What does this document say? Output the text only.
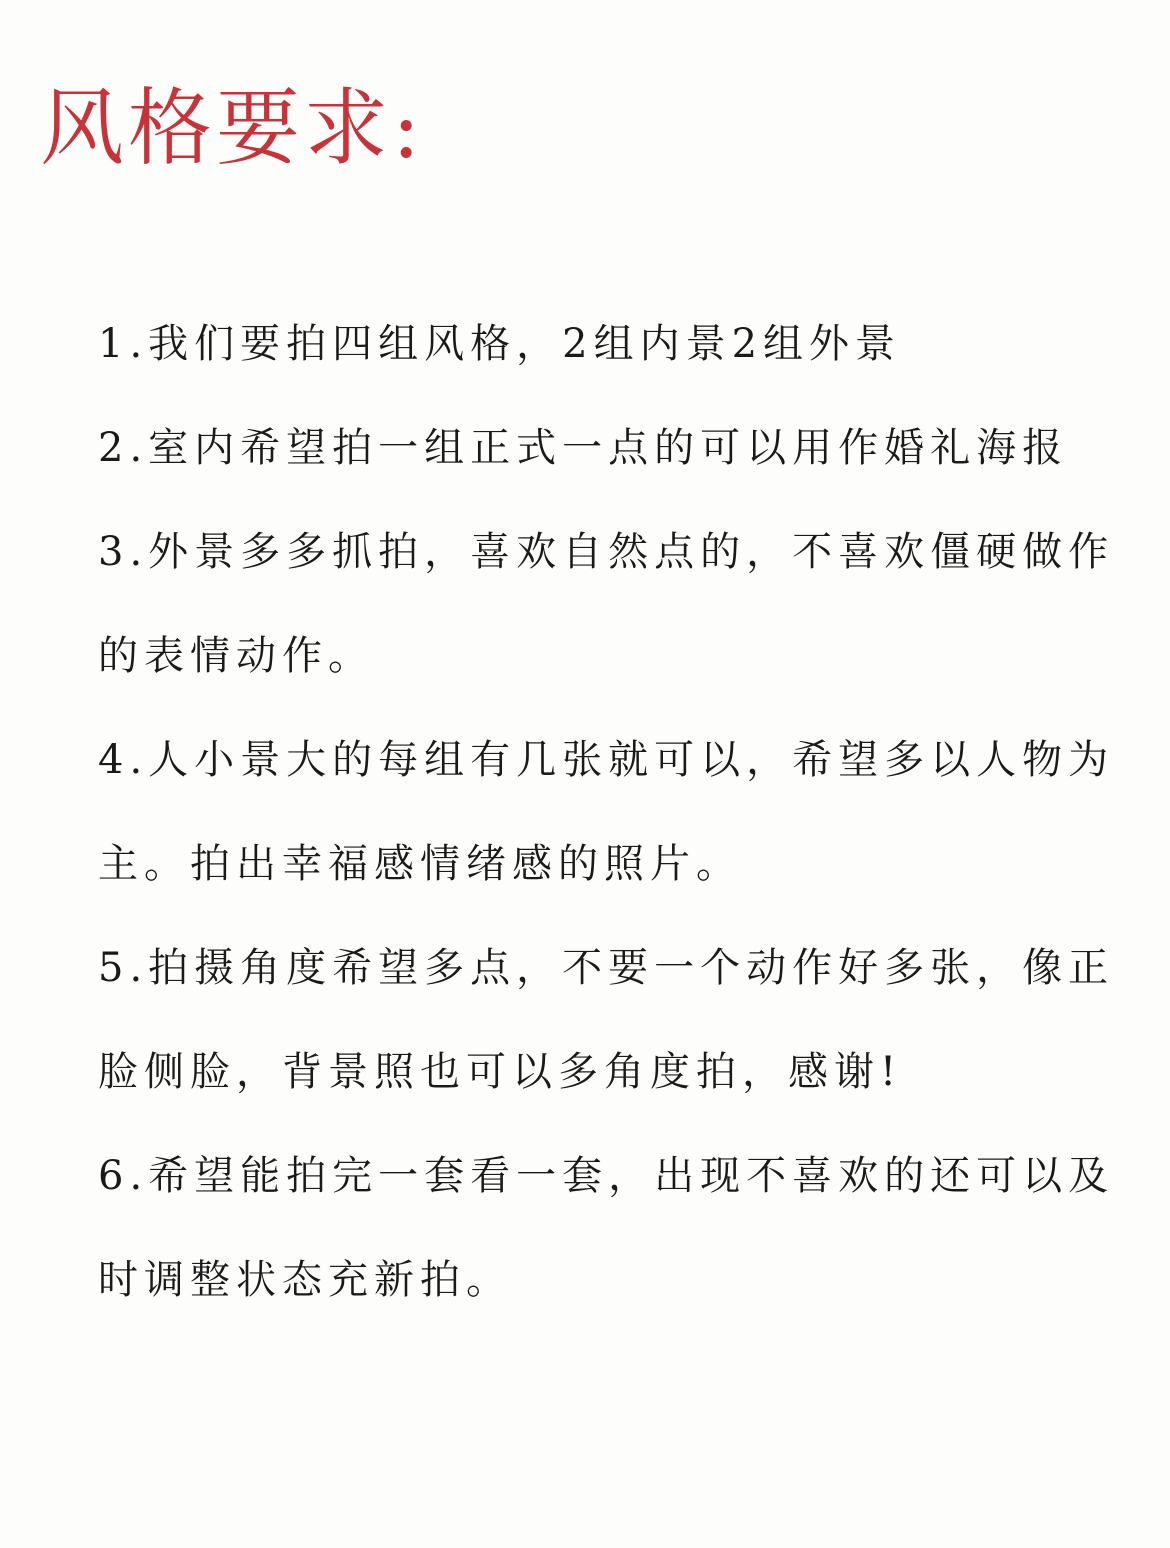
风格要求:
1.我们要拍四组风格，2组内景2组外景
2.室内希望拍一组正式一点的可以用作婚礼海报
3.外景多多抓拍，喜欢自然点的，不喜欢僵硬做作的表情动作。
4.人小景大的每组有几张就可以，希望多以人物为主。拍出幸福感情绪感的照片。
5.拍摄角度希望多点，不要一个动作好多张，像正脸侧脸，背景照也可以多角度拍，感谢!
6.希望能拍完一套看一套，出现不喜欢的还可以及时调整状态充新拍。
